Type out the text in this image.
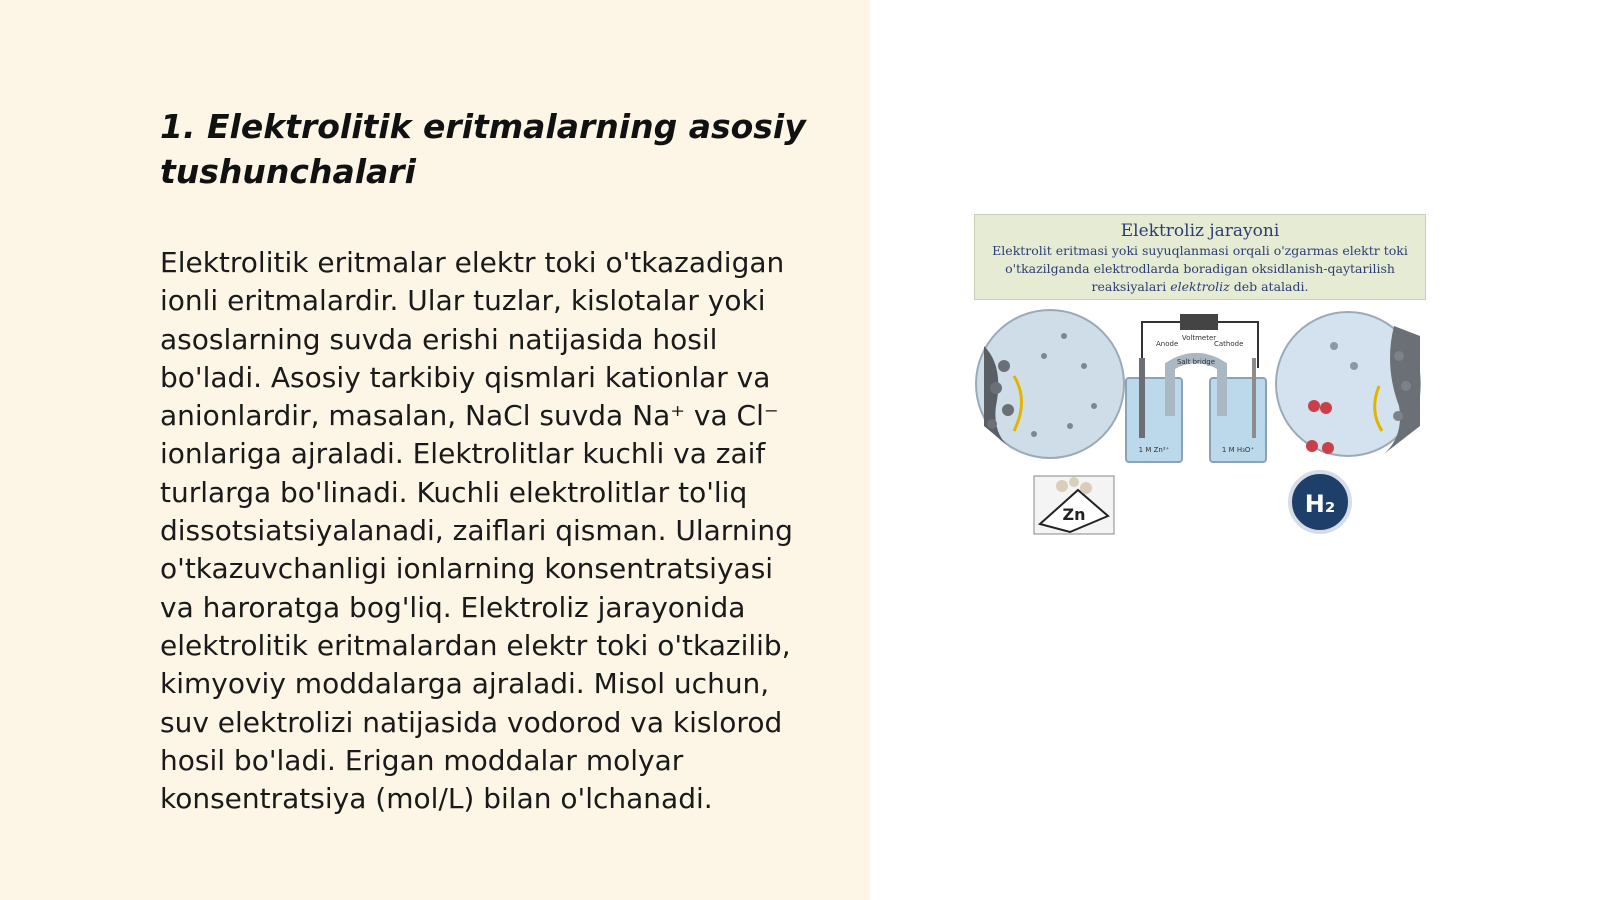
1. Elektrolitik eritmalarning asosiy tushunchalari

Elektrolitik eritmalar elektr toki o'tkazadigan
ionli eritmalardir. Ular tuzlar, kislotalar yoki
asoslarning suvda erishi natijasida hosil
bo'ladi. Asosiy tarkibiy qismlari kationlar va
anionlardir, masalan, NaCl suvda Na⁺ va Cl⁻
ionlariga ajraladi. Elektrolitlar kuchli va zaif
turlarga bo'linadi. Kuchli elektrolitlar to'liq
dissotsiatsiyalanadi, zaiflari qisman. Ularning
o'tkazuvchanligi ionlarning konsentratsiyasi
va haroratga bog'liq. Elektroliz jarayonida
elektrolitik eritmalardan elektr toki o'tkazilib,
kimyoviy moddalarga ajraladi. Misol uchun,
suv elektrolizi natijasida vodorod va kislorod
hosil bo'ladi. Erigan moddalar molyar
konsentratsiya (mol/L) bilan o'lchanadi.

Elektroliz jarayoni
Elektrolit eritmasi yoki suyuqlanmasi orqali o'zgarmas elektr toki
o'tkazilganda elektrodlarda boradigan oksidlanish-qaytarilish
reaksiyalari elektroliz deb ataladi.
Voltmeter
Anode	Cathode
1 M Zn²⁺	1 M H₃O⁺
Salt bridge
Zn	H₂
